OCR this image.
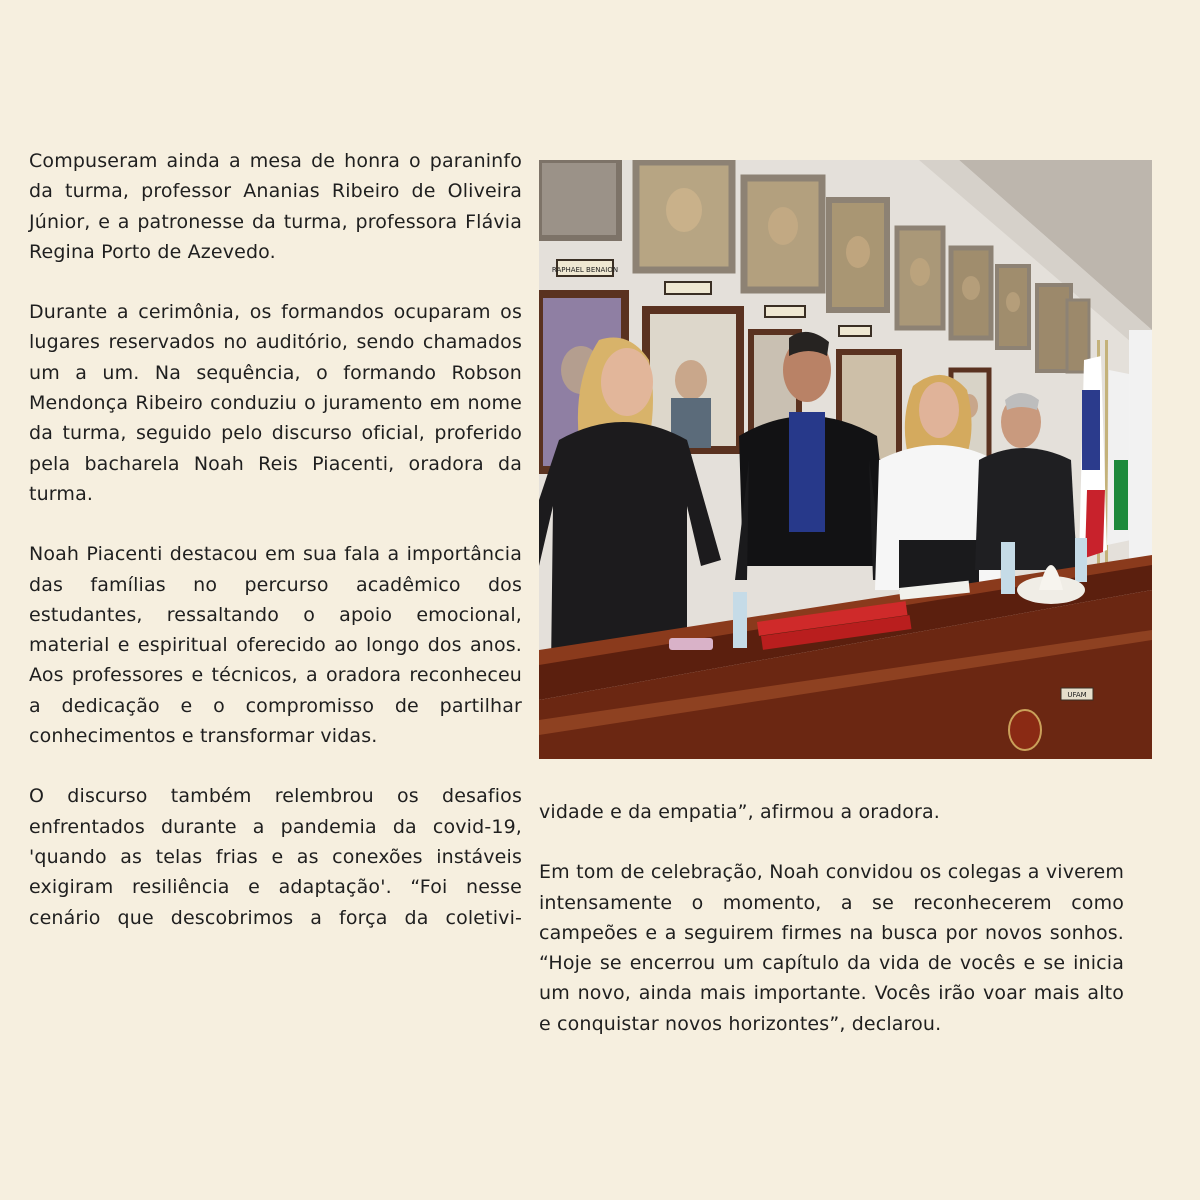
Compuseram ainda a mesa de honra o paraninfo da turma, professor Ananias Ribeiro de Oliveira Júnior, e a patronesse da turma, professora Flávia Regina Porto de Azevedo.

Durante a cerimônia, os formandos ocuparam os lugares reservados no auditório, sendo chamados um a um. Na sequência, o formando Robson Mendonça Ribeiro conduziu o juramento em nome da turma, seguido pelo discurso oficial, proferido pela bacharela Noah Reis Piacenti, oradora da turma.

Noah Piacenti destacou em sua fala a importância das famílias no percurso acadêmico dos estudantes, ressaltando o apoio emocional, material e espiritual oferecido ao longo dos anos. Aos professores e técnicos, a oradora reconheceu a dedicação e o compromisso de partilhar conhecimentos e transformar vidas.

O discurso também relembrou os desafios enfrentados durante a pandemia da covid-19, 'quando as telas frias e as conexões instáveis exigiram resiliência e adaptação'. “Foi nesse cenário que descobrimos a força da coletivi-

RAPHAEL BENAION
UFAM

vidade e da empatia”, afirmou a oradora.

Em tom de celebração, Noah convidou os colegas a viverem intensamente o momento, a se reconhecerem como campeões e a seguirem firmes na busca por novos sonhos. “Hoje se encerrou um capítulo da vida de vocês e se inicia um novo, ainda mais importante. Vocês irão voar mais alto e conquistar novos horizontes”, declarou.
